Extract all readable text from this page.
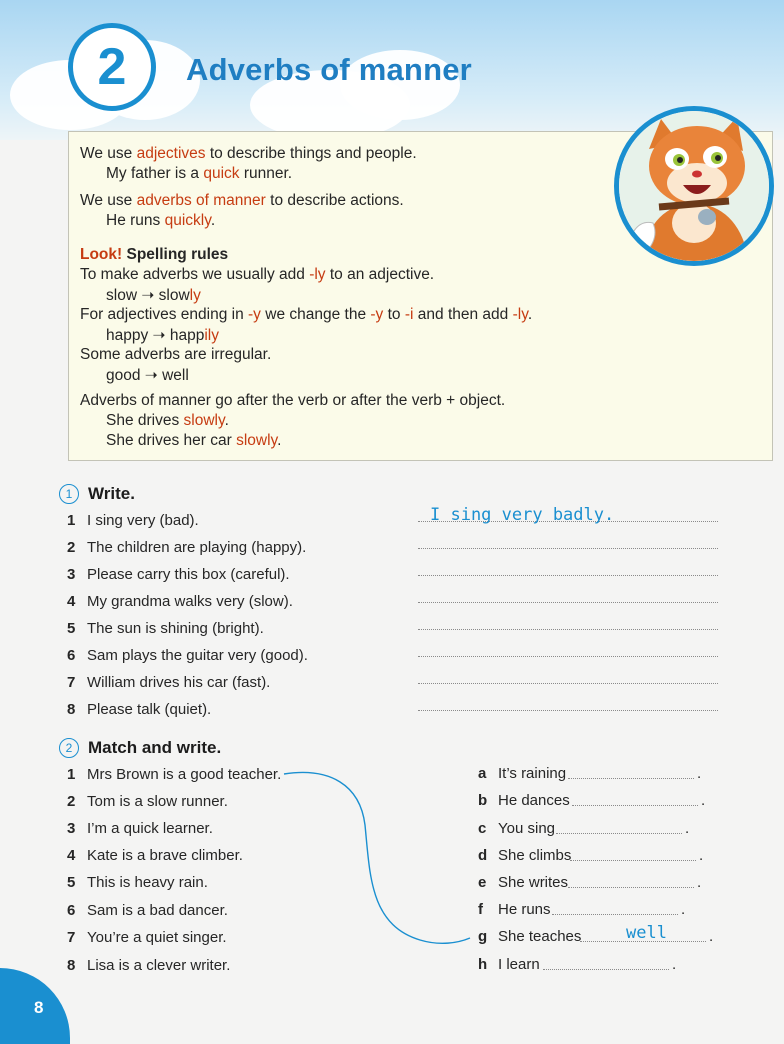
2 Adverbs of manner
We use adjectives to describe things and people.
My father is a quick runner.
We use adverbs of manner to describe actions.
He runs quickly.
Look! Spelling rules
To make adverbs we usually add -ly to an adjective.
slow ➝ slowly
For adjectives ending in -y we change the -y to -i and then add -ly.
happy ➝ happily
Some adverbs are irregular.
good ➝ well
Adverbs of manner go after the verb or after the verb + object.
She drives slowly.
She drives her car slowly.
1 Write.
1 I sing very (bad).	I sing very badly.
2 The children are playing (happy).
3 Please carry this box (careful).
4 My grandma walks very (slow).
5 The sun is shining (bright).
6 Sam plays the guitar very (good).
7 William drives his car (fast).
8 Please talk (quiet).
2 Match and write.
1 Mrs Brown is a good teacher.
2 Tom is a slow runner.
3 I’m a quick learner.
4 Kate is a brave climber.
5 This is heavy rain.
6 Sam is a bad dancer.
7 You’re a quiet singer.
8 Lisa is a clever writer.
a It’s raining	.
b He dances	.
c You sing	.
d She climbs	.
e She writes	.
f He runs	.
g She teaches	well	.
h I learn	.
8
